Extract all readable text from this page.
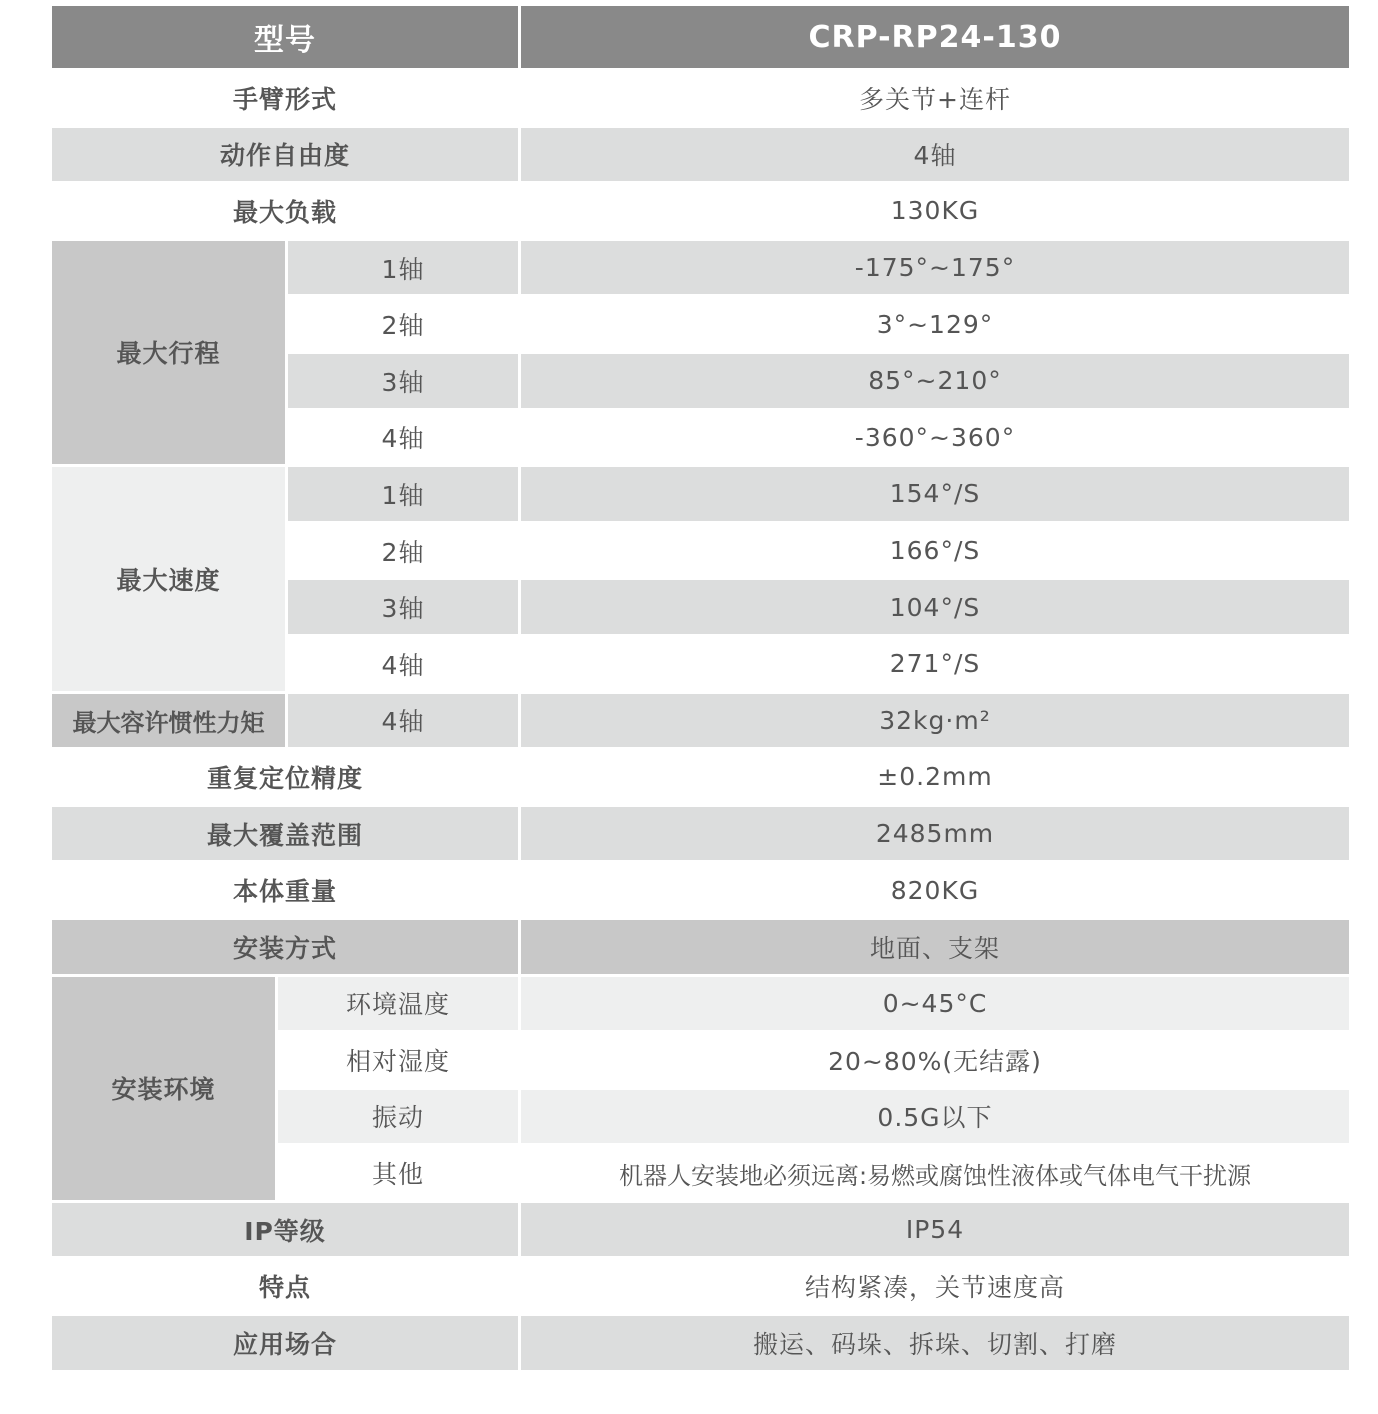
型号	CRP-RP24-130
手臂形式	多关节+连杆
动作自由度	4轴
最大负载	130KG
最大行程
1轴	-175°~175°
2轴	3°~129°
3轴	85°~210°
4轴	-360°~360°
最大速度
1轴	154°/S
2轴	166°/S
3轴	104°/S
4轴	271°/S
最大容许惯性力矩	4轴	32kg·m²
重复定位精度	±0.2mm
最大覆盖范围	2485mm
本体重量	820KG
安装方式	地面、支架
安装环境
环境温度	0~45°C
相对湿度	20~80%(无结露)
振动	0.5G以下
其他	机器人安装地必须远离:易燃或腐蚀性液体或气体电气干扰源
IP等级	IP54
特点	结构紧凑，关节速度高
应用场合	搬运、码垛、拆垛、切割、打磨
